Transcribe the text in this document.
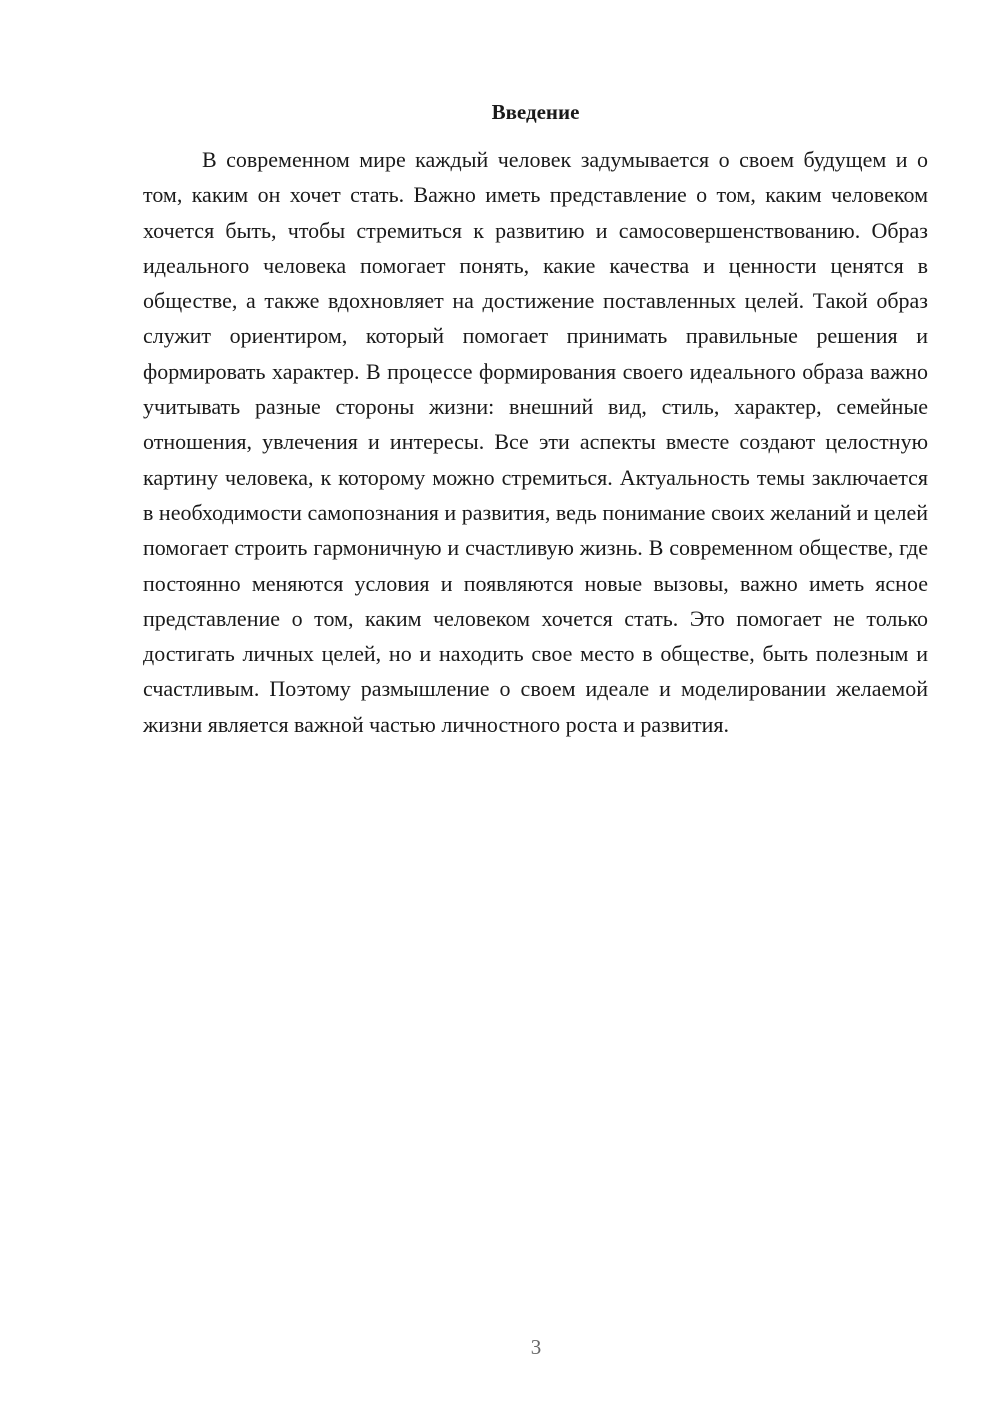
Введение

В современном мире каждый человек задумывается о своем будущем и о том, каким он хочет стать. Важно иметь представление о том, каким человеком хочется быть, чтобы стремиться к развитию и самосовершенствованию. Образ идеального человека помогает понять, какие качества и ценности ценятся в обществе, а также вдохновляет на достижение поставленных целей. Такой образ служит ориентиром, который помогает принимать правильные решения и формировать характер. В процессе формирования своего идеального образа важно учитывать разные стороны жизни: внешний вид, стиль, характер, семейные отношения, увлечения и интересы. Все эти аспекты вместе создают целостную картину человека, к которому можно стремиться. Актуальность темы заключается в необходимости самопознания и развития, ведь понимание своих желаний и целей помогает строить гармоничную и счастливую жизнь. В современном обществе, где постоянно меняются условия и появляются новые вызовы, важно иметь ясное представление о том, каким человеком хочется стать. Это помогает не только достигать личных целей, но и находить свое место в обществе, быть полезным и счастливым. Поэтому размышление о своем идеале и моделировании желаемой жизни является важной частью личностного роста и развития.

3
